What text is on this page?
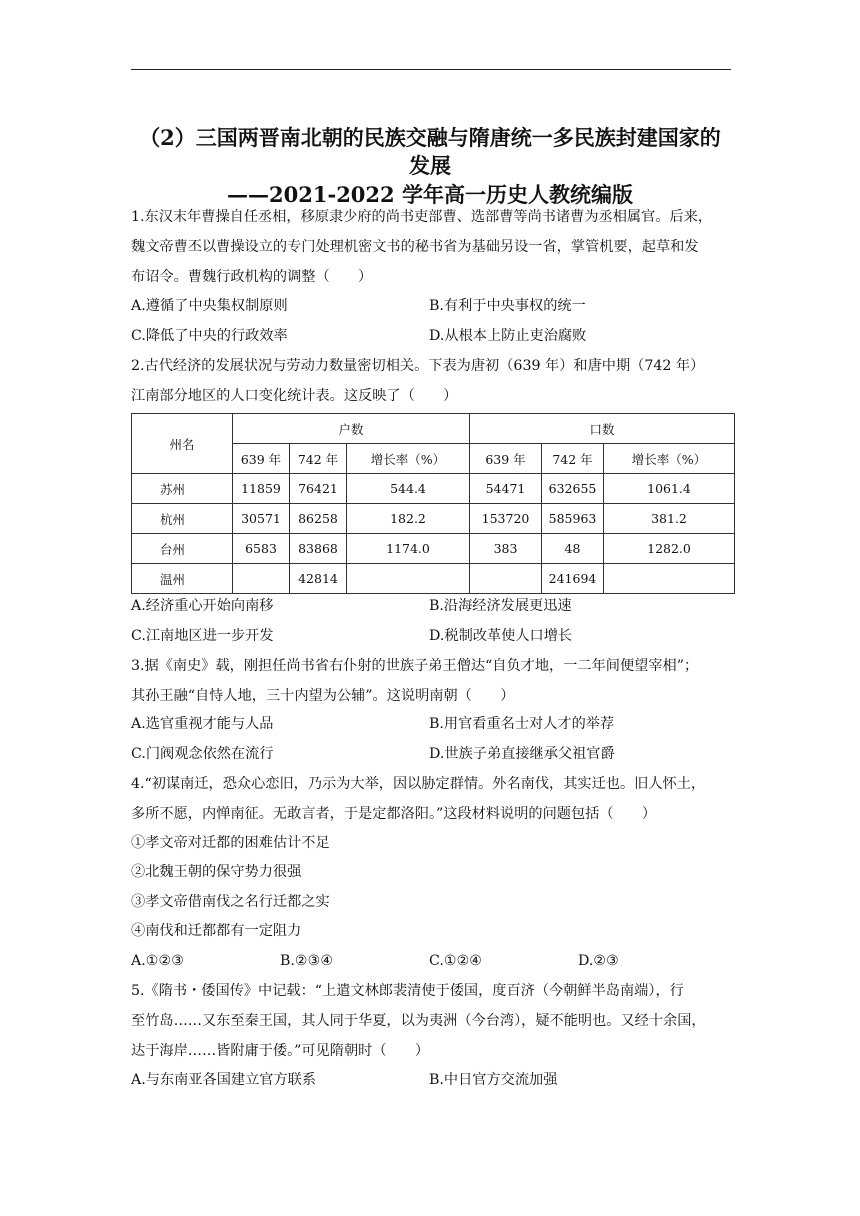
（2）三国两晋南北朝的民族交融与隋唐统一多民族封建国家的
发展
——2021-2022 学年高一历史人教统编版
1.东汉末年曹操自任丞相，移原隶少府的尚书吏部曹、选部曹等尚书诸曹为丞相属官。后来，
魏文帝曹丕以曹操设立的专门处理机密文书的秘书省为基础另设一省，掌管机要，起草和发
布诏令。曹魏行政机构的调整（　　）
A.遵循了中央集权制原则	B.有利于中央事权的统一
C.降低了中央的行政效率	D.从根本上防止吏治腐败
2.古代经济的发展状况与劳动力数量密切相关。下表为唐初（639 年）和唐中期（742 年）
江南部分地区的人口变化统计表。这反映了（　　）
州名	户数			口数		
	639 年	742 年	增长率（%）	639 年	742 年	增长率（%）
苏州	11859	76421	544.4	54471	632655	1061.4
杭州	30571	86258	182.2	153720	585963	381.2
台州	6583	83868	1174.0	383	48	1282.0
温州		42814			241694	
A.经济重心开始向南移	B.沿海经济发展更迅速
C.江南地区进一步开发	D.税制改革使人口增长
3.据《南史》载，刚担任尚书省右仆射的世族子弟王僧达“自负才地，一二年间便望宰相”；
其孙王融“自恃人地，三十内望为公辅”。这说明南朝（　　）
A.选官重视才能与人品	B.用官看重名士对人才的举荐
C.门阀观念依然在流行	D.世族子弟直接继承父祖官爵
4.“初谋南迁，恐众心恋旧，乃示为大举，因以胁定群情。外名南伐，其实迁也。旧人怀土，
多所不愿，内惮南征。无敢言者，于是定都洛阳。”这段材料说明的问题包括（　　）
①孝文帝对迁都的困难估计不足
②北魏王朝的保守势力很强
③孝文帝借南伐之名行迁都之实
④南伐和迁都都有一定阻力
A.①②③	B.②③④	C.①②④	D.②③
5.《隋书・倭国传》中记载：“上遣文林郎裴清使于倭国，度百济（今朝鲜半岛南端），行
至竹岛……又东至秦王国，其人同于华夏，以为夷洲（今台湾），疑不能明也。又经十余国，
达于海岸……皆附庸于倭。”可见隋朝时（　　）
A.与东南亚各国建立官方联系	B.中日官方交流加强
